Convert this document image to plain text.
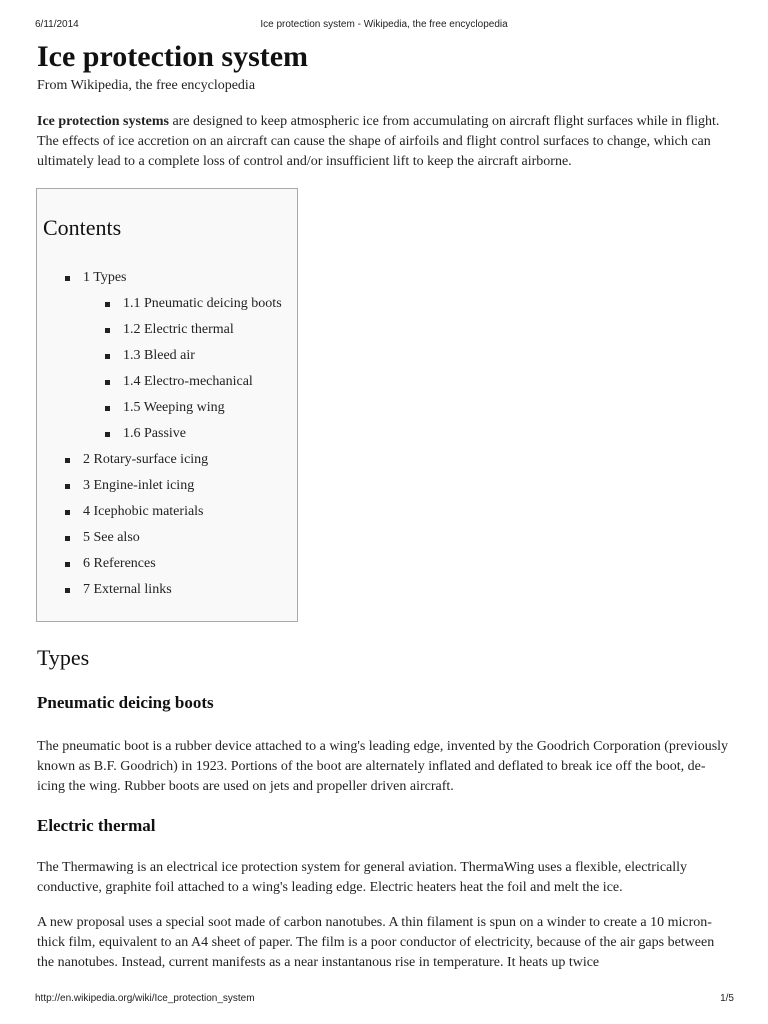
6/11/2014	Ice protection system - Wikipedia, the free encyclopedia
Ice protection system
From Wikipedia, the free encyclopedia

Ice protection systems are designed to keep atmospheric ice from accumulating on aircraft flight surfaces while in flight. The effects of ice accretion on an aircraft can cause the shape of airfoils and flight control surfaces to change, which can ultimately lead to a complete loss of control and/or insufficient lift to keep the aircraft airborne.

Contents
1 Types
1.1 Pneumatic deicing boots
1.2 Electric thermal
1.3 Bleed air
1.4 Electro-mechanical
1.5 Weeping wing
1.6 Passive
2 Rotary-surface icing
3 Engine-inlet icing
4 Icephobic materials
5 See also
6 References
7 External links
Types
Pneumatic deicing boots

The pneumatic boot is a rubber device attached to a wing's leading edge, invented by the Goodrich Corporation (previously known as B.F. Goodrich) in 1923. Portions of the boot are alternately inflated and deflated to break ice off the boot, de-icing the wing. Rubber boots are used on jets and propeller driven aircraft.

Electric thermal

The Thermawing is an electrical ice protection system for general aviation. ThermaWing uses a flexible, electrically conductive, graphite foil attached to a wing's leading edge. Electric heaters heat the foil and melt the ice.

A new proposal uses a special soot made of carbon nanotubes. A thin filament is spun on a winder to create a 10 micron-thick film, equivalent to an A4 sheet of paper. The film is a poor conductor of electricity, because of the air gaps between the nanotubes. Instead, current manifests as a near instantanous rise in temperature. It heats up twice

http://en.wikipedia.org/wiki/Ice_protection_system	1/5
